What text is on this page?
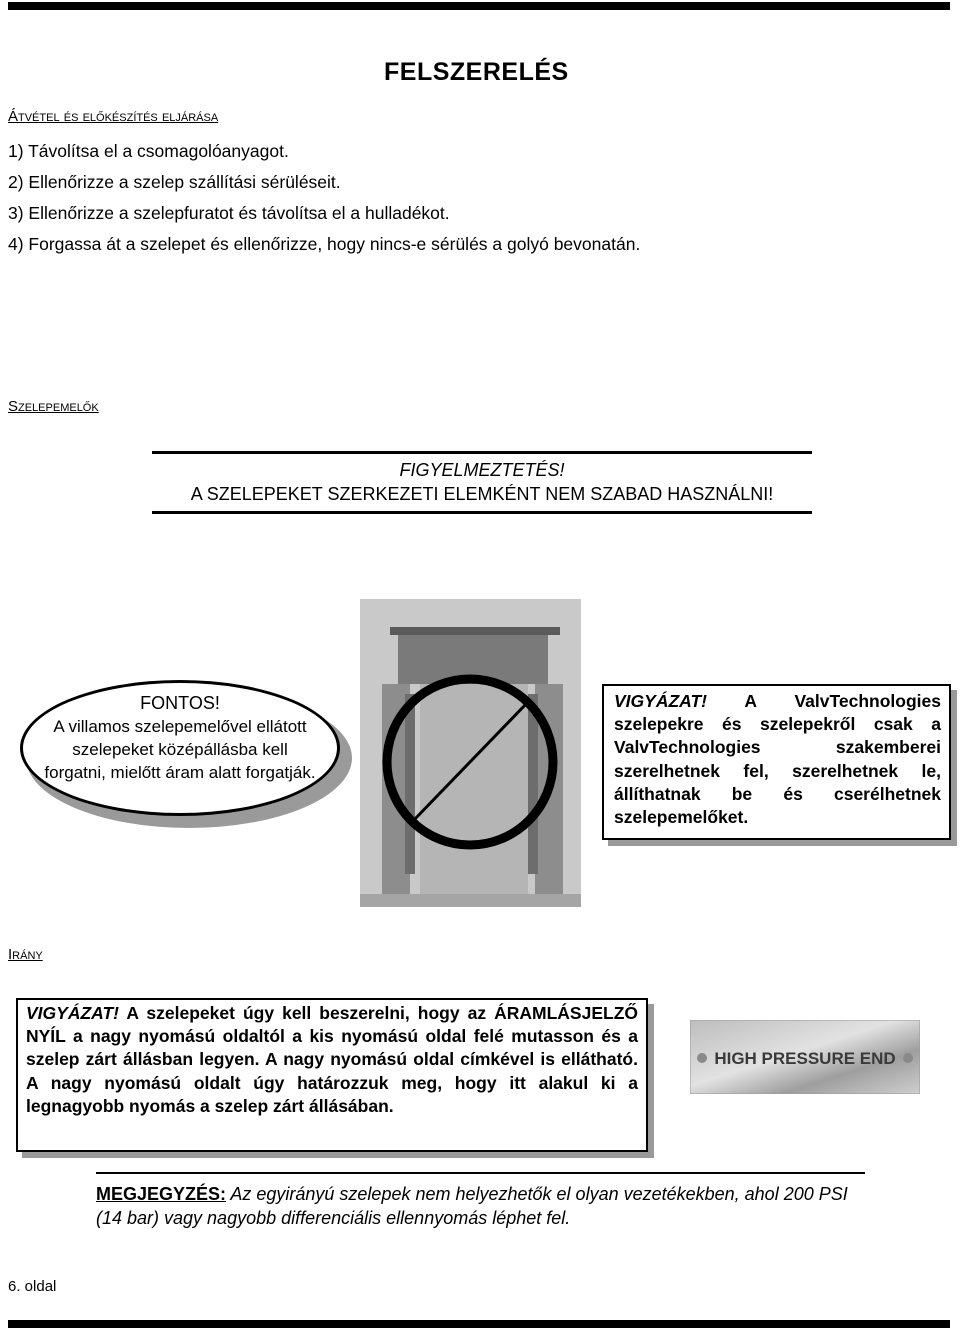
FELSZERELÉS
Átvétel és előkészítés eljárása
1) Távolítsa el a csomagolóanyagot.
2) Ellenőrizze a szelep szállítási sérüléseit.
3) Ellenőrizze a szelepfuratot és távolítsa el a hulladékot.
4) Forgassa át a szelepet és ellenőrizze, hogy nincs-e sérülés a golyó bevonatán.
Szelepemelők
FIGYELMEZTETÉS!
A SZELEPEKET SZERKEZETI ELEMKÉNT NEM SZABAD HASZNÁLNI!
FONTOS!
A villamos szelepemelővel ellátott szelepeket középállásba kell forgatni, mielőtt áram alatt forgatják.
VIGYÁZAT! A ValvTechnologies szelepekre és szelepekről csak a ValvTechnologies szakemberei szerelhetnek fel, szerelhetnek le, állíthatnak be és cserélhetnek szelepemelőket.
Irány
VIGYÁZAT! A szelepeket úgy kell beszerelni, hogy az ÁRAMLÁSJELZŐ NYÍL a nagy nyomású oldaltól a kis nyomású oldal felé mutasson és a szelep zárt állásban legyen. A nagy nyomású oldal címkével is ellátható. A nagy nyomású oldalt úgy határozzuk meg, hogy itt alakul ki a legnagyobb nyomás a szelep zárt állásában.
HIGH PRESSURE END
MEGJEGYZÉS: Az egyirányú szelepek nem helyezhetők el olyan vezetékekben, ahol 200 PSI (14 bar) vagy nagyobb differenciális ellennyomás léphet fel.
6. oldal
